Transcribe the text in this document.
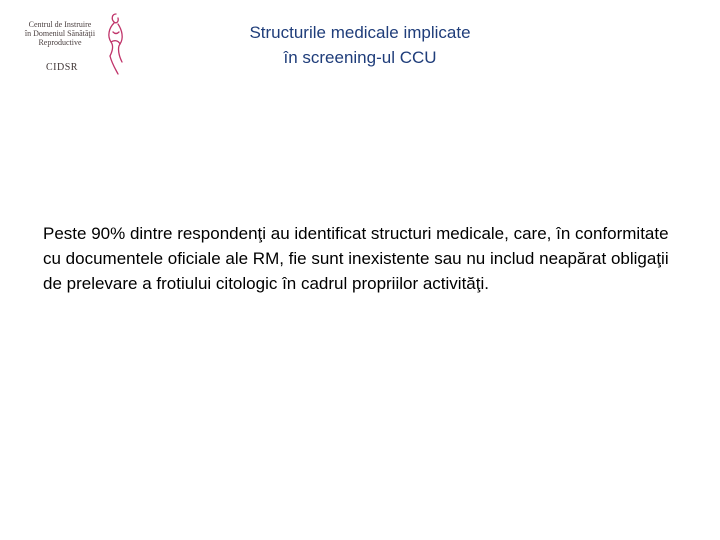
Centrul de Instruire
în Domeniul Sănătăţii
Reproductive
CIDSR
Structurile medicale implicate
în screening-ul CCU
Peste 90% dintre respondenţi au identificat structuri medicale, care, în conformitate cu documentele oficiale ale RM, fie sunt inexistente sau nu includ neapărat obligaţii de prelevare a frotiului citologic în cadrul propriilor activităţi.
